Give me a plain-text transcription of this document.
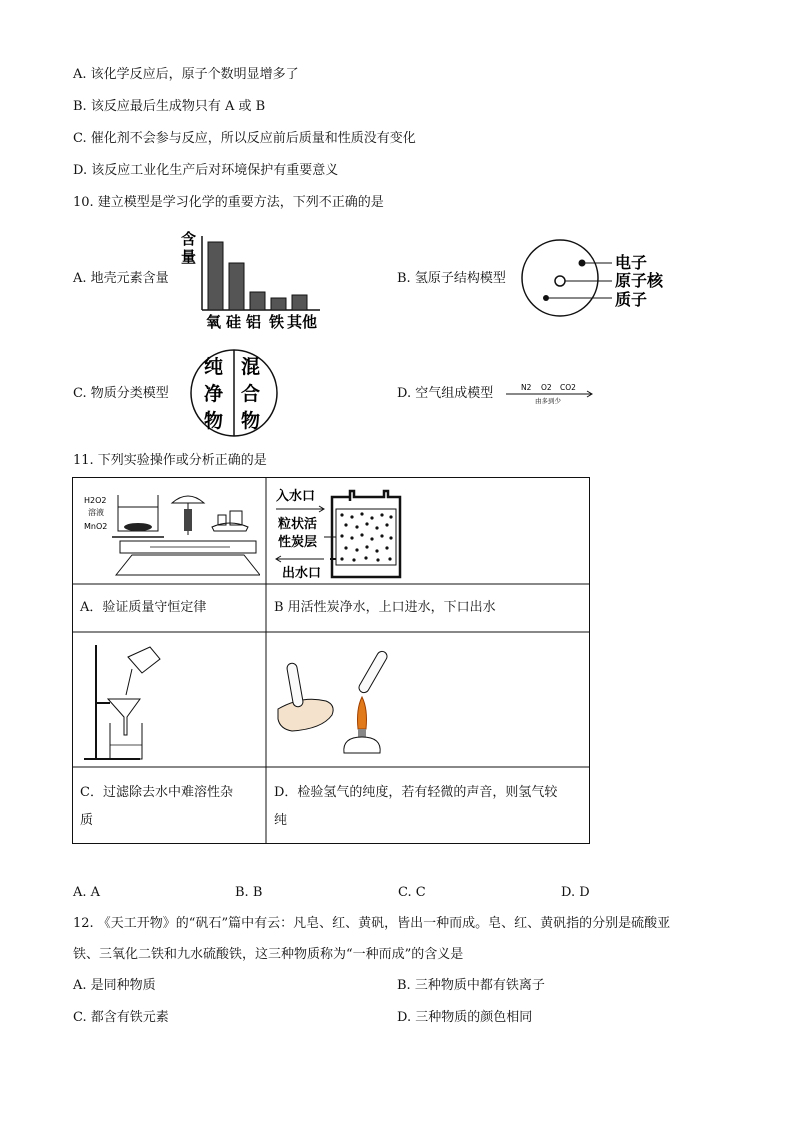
A. 该化学反应后，原子个数明显增多了
B. 该反应最后生成物只有 A 或 B
C. 催化剂不会参与反应，所以反应前后质量和性质没有变化
D. 该反应工业化生产后对环境保护有重要意义
10. 建立模型是学习化学的重要方法，下列不正确的是
A. 地壳元素含量
含
量
氧 硅 铝 铁 其他
B. 氢原子结构模型
电子
原子核
质子
C. 物质分类模型
纯
净
物
混
合
物
D. 空气组成模型	N2 O2 CO2
由多到少
11. 下列实验操作或分析正确的是
H2O2
溶液
MnO2
入水口
粒状活
性炭层
出水口
A．验证质量守恒定律	B 用活性炭净水，上口进水，下口出水
C．过滤除去水中难溶性杂
质
D．检验氢气的纯度，若有轻微的声音，则氢气较
纯
A. A	B. B	C. C	D. D
12. 《天工开物》的“矾石”篇中有云：凡皂、红、黄矾，皆出一种而成。皂、红、黄矾指的分别是硫酸亚
铁、三氧化二铁和九水硫酸铁，这三种物质称为“一种而成”的含义是
A. 是同种物质	B. 三种物质中都有铁离子
C. 都含有铁元素	D. 三种物质的颜色相同
